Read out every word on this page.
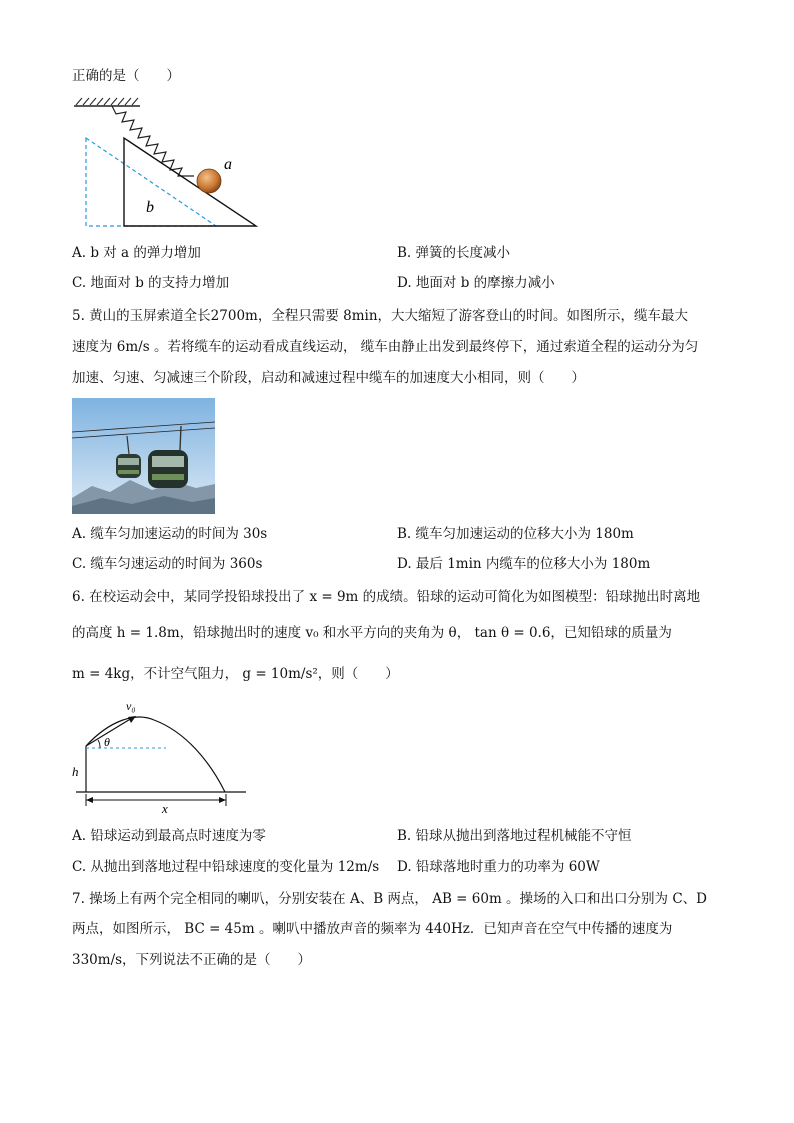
正确的是（　　）
a
b
A. b 对 a 的弹力增加	B. 弹簧的长度减小
C. 地面对 b 的支持力增加	D. 地面对 b 的摩擦力减小
5. 黄山的玉屏索道全长2700m，全程只需要 8min，大大缩短了游客登山的时间。如图所示，缆车最大
速度为 6m/s 。若将缆车的运动看成直线运动， 缆车由静止出发到最终停下，通过索道全程的运动分为匀
加速、匀速、匀减速三个阶段，启动和减速过程中缆车的加速度大小相同，则（　　）
A. 缆车匀加速运动的时间为 30s	B. 缆车匀加速运动的位移大小为 180m
C. 缆车匀速运动的时间为 360s	D. 最后 1min 内缆车的位移大小为 180m
6. 在校运动会中，某同学投铅球投出了 x = 9m 的成绩。铅球的运动可简化为如图模型：铅球抛出时离地
的高度 h = 1.8m，铅球抛出时的速度 v₀ 和水平方向的夹角为 θ， tan θ = 0.6，已知铅球的质量为
m = 4kg，不计空气阻力， g = 10m/s²，则（　　）
v₀
θ
h
x
A. 铅球运动到最高点时速度为零	B. 铅球从抛出到落地过程机械能不守恒
C. 从抛出到落地过程中铅球速度的变化量为 12m/s D. 铅球落地时重力的功率为 60W
7. 操场上有两个完全相同的喇叭，分别安装在 A、B 两点， AB = 60m 。操场的入口和出口分别为 C、D
两点，如图所示， BC = 45m 。喇叭中播放声音的频率为 440Hz．已知声音在空气中传播的速度为
330m/s，下列说法不正确的是（　　）
